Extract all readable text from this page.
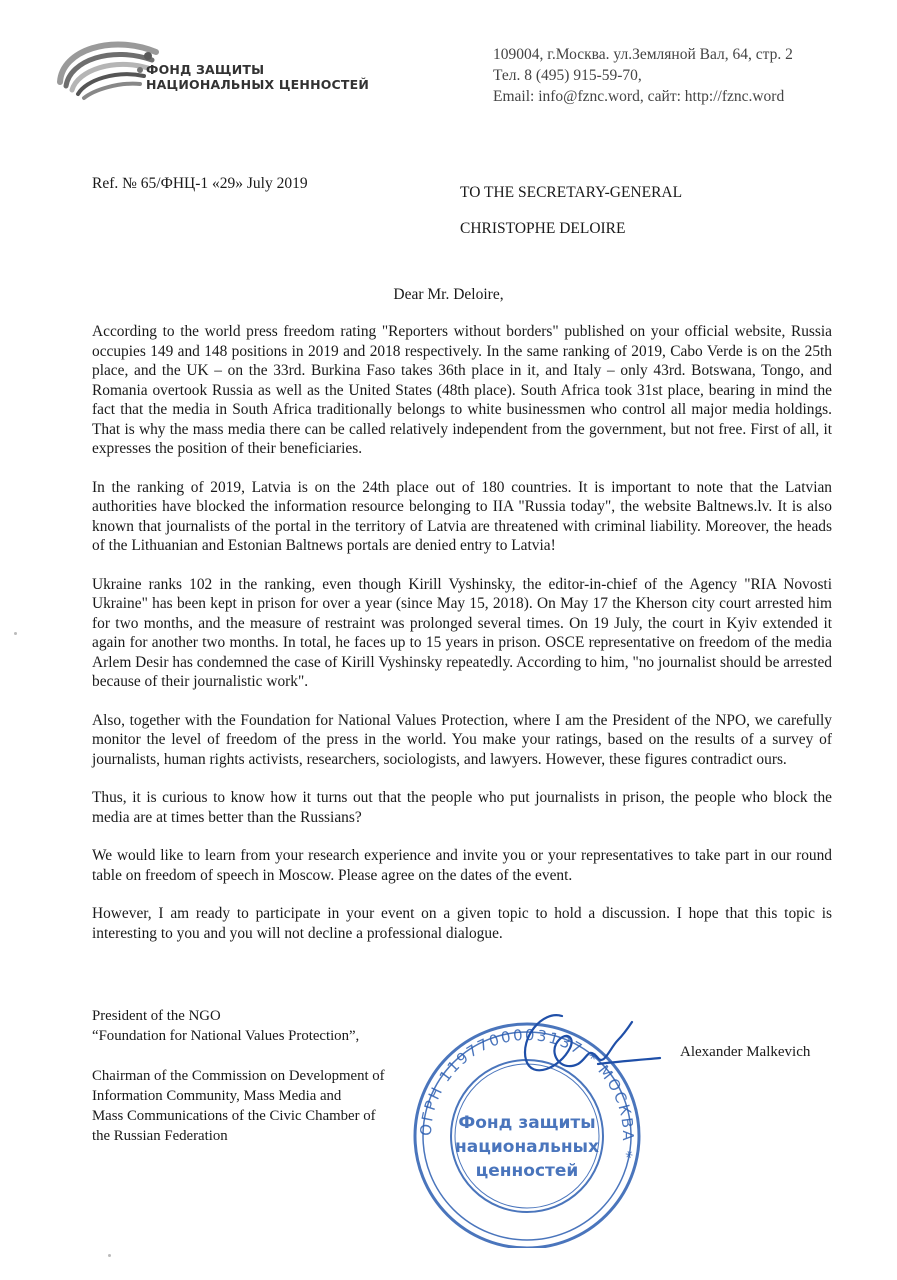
ФОНД ЗАЩИТЫ
НАЦИОНАЛЬНЫХ ЦЕННОСТЕЙ
109004, г.Москва. ул.Земляной Вал, 64, стр. 2
Тел. 8 (495) 915-59-70,
Email: info@fznc.word, сайт: http://fznc.word
Ref. № 65/ФНЦ-1 «29» July 2019
TO THE SECRETARY-GENERAL
CHRISTOPHE DELOIRE
Dear Mr. Deloire,

According to the world press freedom rating "Reporters without borders" published on your official website, Russia occupies 149 and 148 positions in 2019 and 2018 respectively. In the same ranking of 2019, Cabo Verde is on the 25th place, and the UK – on the 33rd. Burkina Faso takes 36th place in it, and Italy – only 43rd. Botswana, Tongo, and Romania overtook Russia as well as the United States (48th place). South Africa took 31st place, bearing in mind the fact that the media in South Africa traditionally belongs to white businessmen who control all major media holdings. That is why the mass media there can be called relatively independent from the government, but not free. First of all, it expresses the position of their beneficiaries.

In the ranking of 2019, Latvia is on the 24th place out of 180 countries. It is important to note that the Latvian authorities have blocked the information resource belonging to IIA "Russia today", the website Baltnews.lv. It is also known that journalists of the portal in the territory of Latvia are threatened with criminal liability. Moreover, the heads of the Lithuanian and Estonian Baltnews portals are denied entry to Latvia!

Ukraine ranks 102 in the ranking, even though Kirill Vyshinsky, the editor-in-chief of the Agency "RIA Novosti Ukraine" has been kept in prison for over a year (since May 15, 2018). On May 17 the Kherson city court arrested him for two months, and the measure of restraint was prolonged several times. On 19 July, the court in Kyiv extended it again for another two months. In total, he faces up to 15 years in prison. OSCE representative on freedom of the media Arlem Desir has condemned the case of Kirill Vyshinsky repeatedly. According to him, "no journalist should be arrested because of their journalistic work".

Also, together with the Foundation for National Values Protection, where I am the President of the NPO, we carefully monitor the level of freedom of the press in the world. You make your ratings, based on the results of a survey of journalists, human rights activists, researchers, sociologists, and lawyers. However, these figures contradict ours.

Thus, it is curious to know how it turns out that the people who put journalists in prison, the people who block the media are at times better than the Russians?

We would like to learn from your research experience and invite you or your representatives to take part in our round table on freedom of speech in Moscow. Please agree on the dates of the event.

However, I am ready to participate in your event on a given topic to hold a discussion. I hope that this topic is interesting to you and you will not decline a professional dialogue.

President of the NGO
“Foundation for National Values Protection”,
Chairman of the Commission on Development of
Information Community, Mass Media and
Mass Communications of the Civic Chamber of
the Russian Federation
Alexander Malkevich
ОГРН 1197700003137 * МОСКВА *
Фонд защиты
национальных
ценностей
